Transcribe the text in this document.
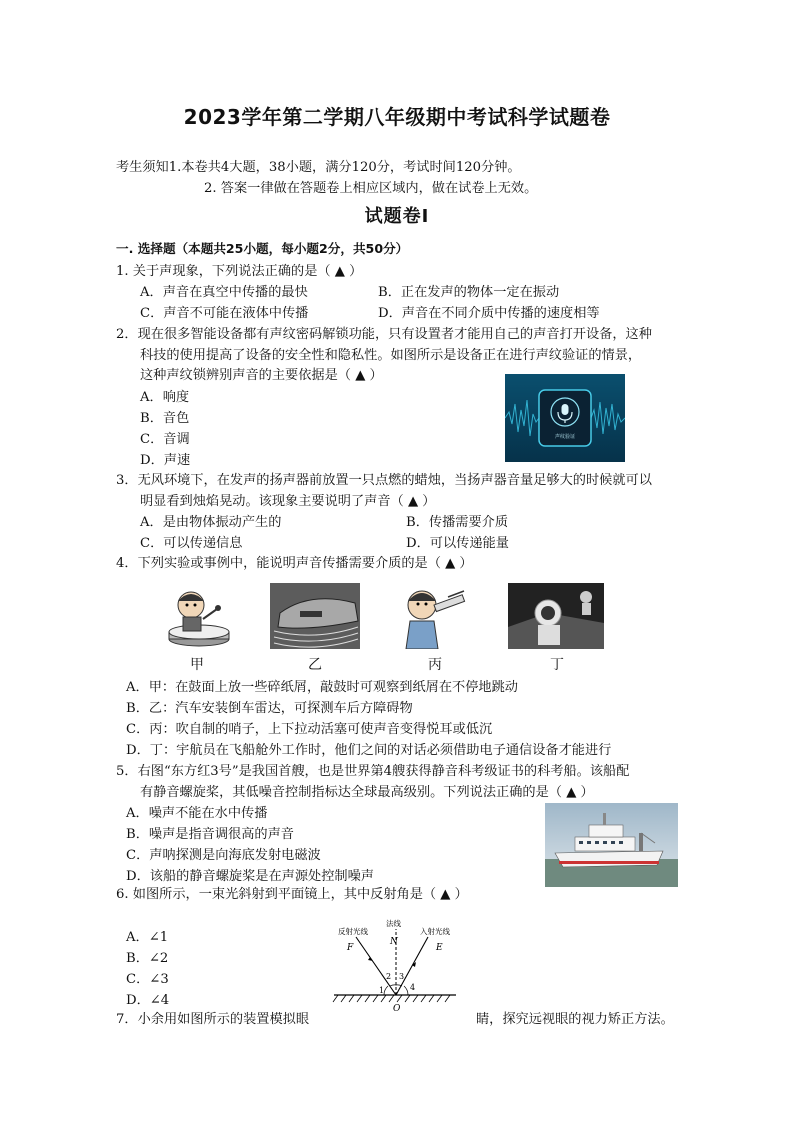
2023学年第二学期八年级期中考试科学试题卷
考生须知1.本卷共4大题，38小题，满分120分，考试时间120分钟。
2. 答案一律做在答题卷上相应区域内，做在试卷上无效。
试题卷Ⅰ
一. 选择题（本题共25小题，每小题2分，共50分）
1. 关于声现象，下列说法正确的是（ ▲ ）
A．声音在真空中传播的最快	B．正在发声的物体一定在振动
C．声音不可能在液体中传播	D．声音在不同介质中传播的速度相等
2．现在很多智能设备都有声纹密码解锁功能，只有设置者才能用自己的声音打开设备，这种
科技的使用提高了设备的安全性和隐私性。如图所示是设备正在进行声纹验证的情景，
这种声纹锁辨别声音的主要依据是（ ▲ ）
A．响度
B．音色
C．音调
D．声速
声纹验证
3．无风环境下，在发声的扬声器前放置一只点燃的蜡烛，当扬声器音量足够大的时候就可以
明显看到烛焰晃动。该现象主要说明了声音（ ▲ ）
A．是由物体振动产生的	B．传播需要介质
C．可以传递信息	D．可以传递能量
4．下列实验或事例中，能说明声音传播需要介质的是（ ▲ ）
甲	乙	丙	丁
A．甲：在鼓面上放一些碎纸屑，敲鼓时可观察到纸屑在不停地跳动
B．乙：汽车安装倒车雷达，可探测车后方障碍物
C．丙：吹自制的哨子，上下拉动活塞可使声音变得悦耳或低沉
D．丁：宇航员在飞船舱外工作时，他们之间的对话必须借助电子通信设备才能进行
5．右图“东方红3号”是我国首艘，也是世界第4艘获得静音科考级证书的科考船。该船配
有静音螺旋桨，其低噪音控制指标达全球最高级别。下列说法正确的是（ ▲ ）
A．噪声不能在水中传播
B．噪声是指音调很高的声音
C．声呐探测是向海底发射电磁波
D．该船的静音螺旋桨是在声源处控制噪声
6. 如图所示，一束光斜射到平面镜上，其中反射角是（ ▲ ）
A．∠1
B．∠2
C．∠3
D．∠4
反射光线
法线
入射光线
F
N
E
O
1
2 3
4
7．小余用如图所示的装置模拟眼	睛，探究远视眼的视力矫正方法。
